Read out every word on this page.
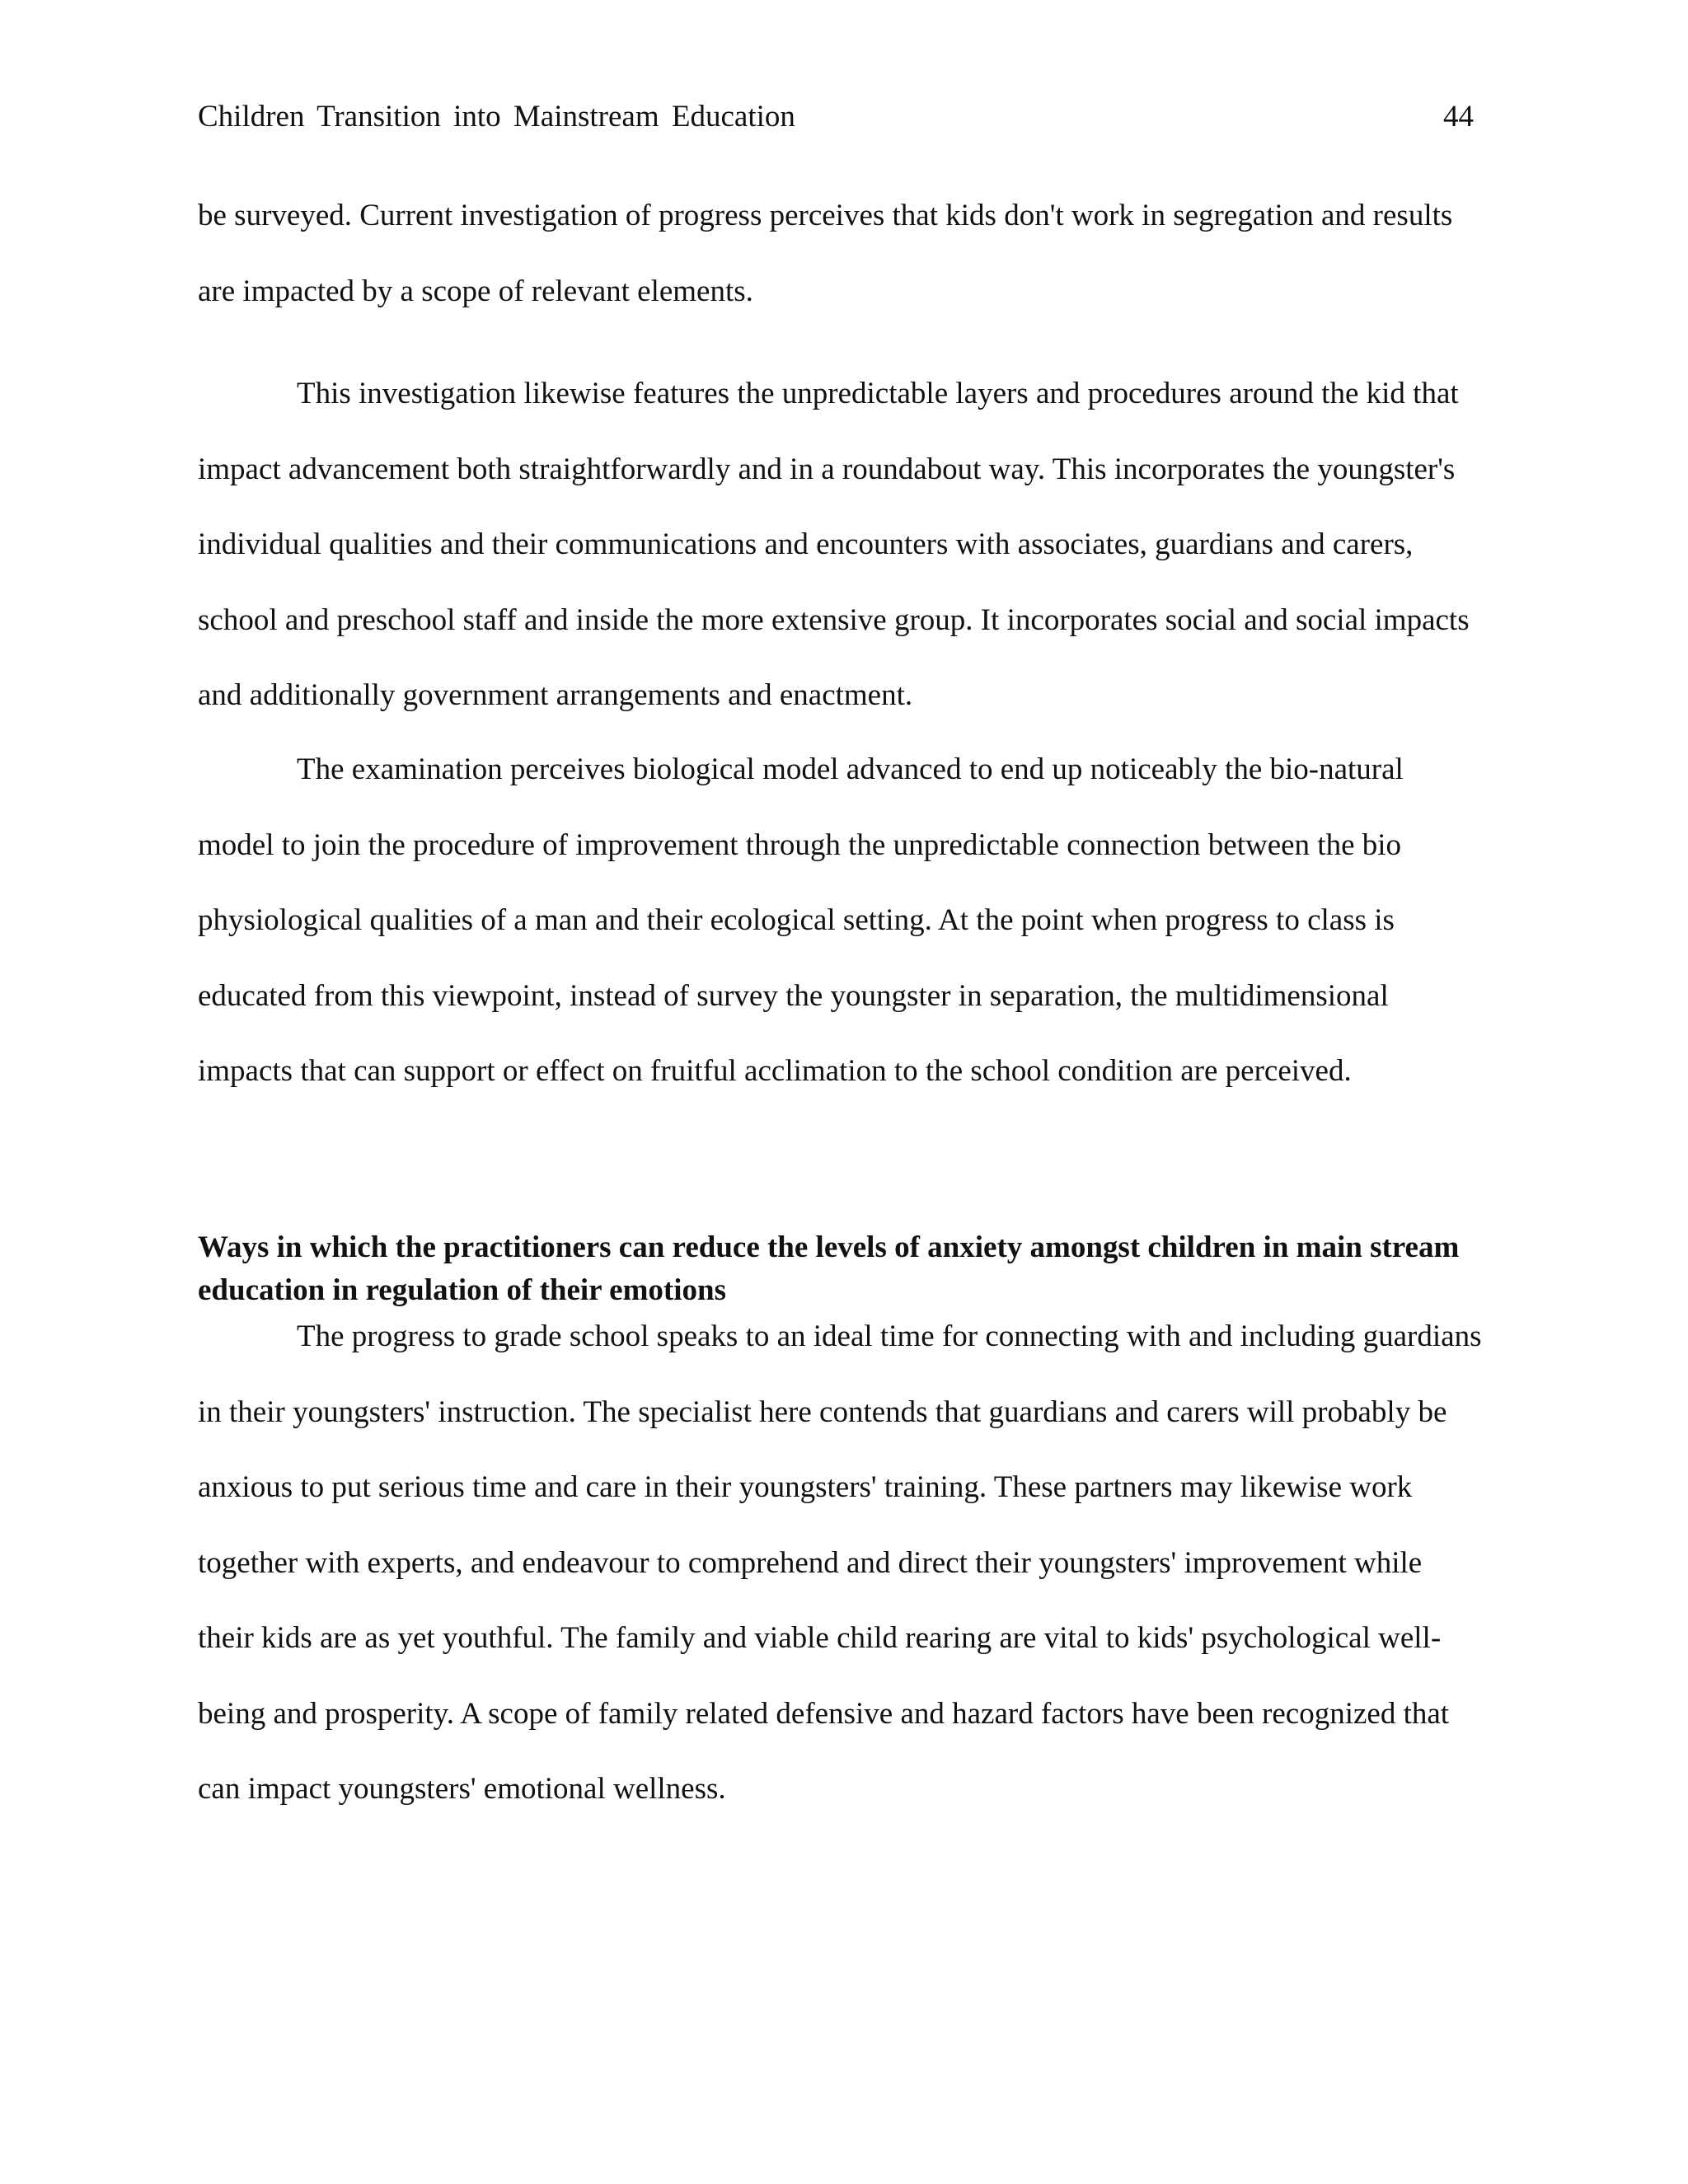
Children Transition into Mainstream Education	44

be surveyed. Current investigation of progress perceives that kids don't work in segregation and results are impacted by a scope of relevant elements.

This investigation likewise features the unpredictable layers and procedures around the kid that impact advancement both straightforwardly and in a roundabout way. This incorporates the youngster's individual qualities and their communications and encounters with associates, guardians and carers, school and preschool staff and inside the more extensive group. It incorporates social and social impacts and additionally government arrangements and enactment.

The examination perceives biological model advanced to end up noticeably the bio-natural model to join the procedure of improvement through the unpredictable connection between the bio physiological qualities of a man and their ecological setting. At the point when progress to class is educated from this viewpoint, instead of survey the youngster in separation, the multidimensional impacts that can support or effect on fruitful acclimation to the school condition are perceived.

Ways in which the practitioners can reduce the levels of anxiety amongst children in main stream education in regulation of their emotions

The progress to grade school speaks to an ideal time for connecting with and including guardians in their youngsters' instruction. The specialist here contends that guardians and carers will probably be anxious to put serious time and care in their youngsters' training. These partners may likewise work together with experts, and endeavour to comprehend and direct their youngsters' improvement while their kids are as yet youthful. The family and viable child rearing are vital to kids' psychological well-being and prosperity. A scope of family related defensive and hazard factors have been recognized that can impact youngsters' emotional wellness.
